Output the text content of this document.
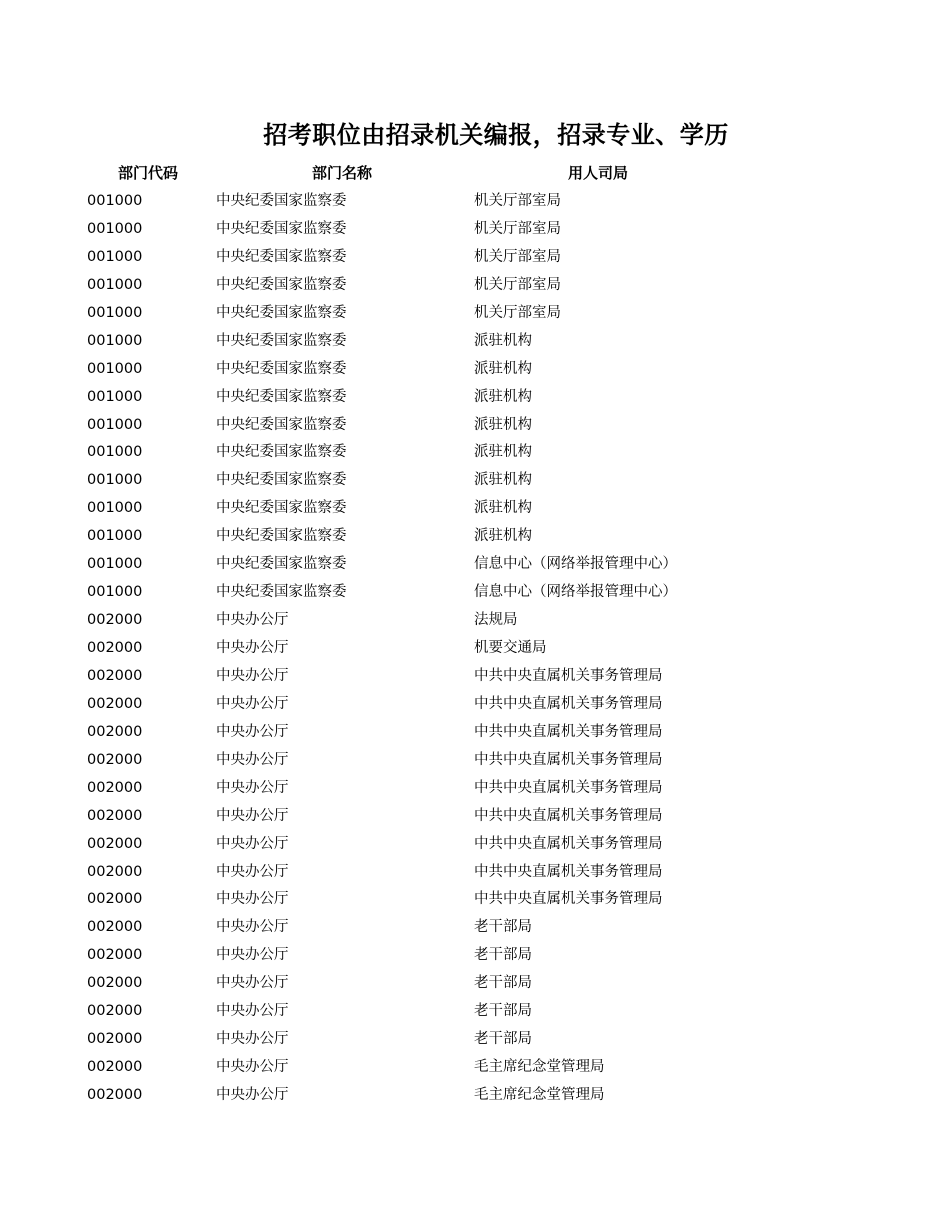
招考职位由招录机关编报，招录专业、学历
部门代码	部门名称	用人司局
001000	中央纪委国家监察委	机关厅部室局
001000	中央纪委国家监察委	机关厅部室局
001000	中央纪委国家监察委	机关厅部室局
001000	中央纪委国家监察委	机关厅部室局
001000	中央纪委国家监察委	机关厅部室局
001000	中央纪委国家监察委	派驻机构
001000	中央纪委国家监察委	派驻机构
001000	中央纪委国家监察委	派驻机构
001000	中央纪委国家监察委	派驻机构
001000	中央纪委国家监察委	派驻机构
001000	中央纪委国家监察委	派驻机构
001000	中央纪委国家监察委	派驻机构
001000	中央纪委国家监察委	派驻机构
001000	中央纪委国家监察委	信息中心（网络举报管理中心）
001000	中央纪委国家监察委	信息中心（网络举报管理中心）
002000	中央办公厅	法规局
002000	中央办公厅	机要交通局
002000	中央办公厅	中共中央直属机关事务管理局
002000	中央办公厅	中共中央直属机关事务管理局
002000	中央办公厅	中共中央直属机关事务管理局
002000	中央办公厅	中共中央直属机关事务管理局
002000	中央办公厅	中共中央直属机关事务管理局
002000	中央办公厅	中共中央直属机关事务管理局
002000	中央办公厅	中共中央直属机关事务管理局
002000	中央办公厅	中共中央直属机关事务管理局
002000	中央办公厅	中共中央直属机关事务管理局
002000	中央办公厅	老干部局
002000	中央办公厅	老干部局
002000	中央办公厅	老干部局
002000	中央办公厅	老干部局
002000	中央办公厅	老干部局
002000	中央办公厅	毛主席纪念堂管理局
002000	中央办公厅	毛主席纪念堂管理局
